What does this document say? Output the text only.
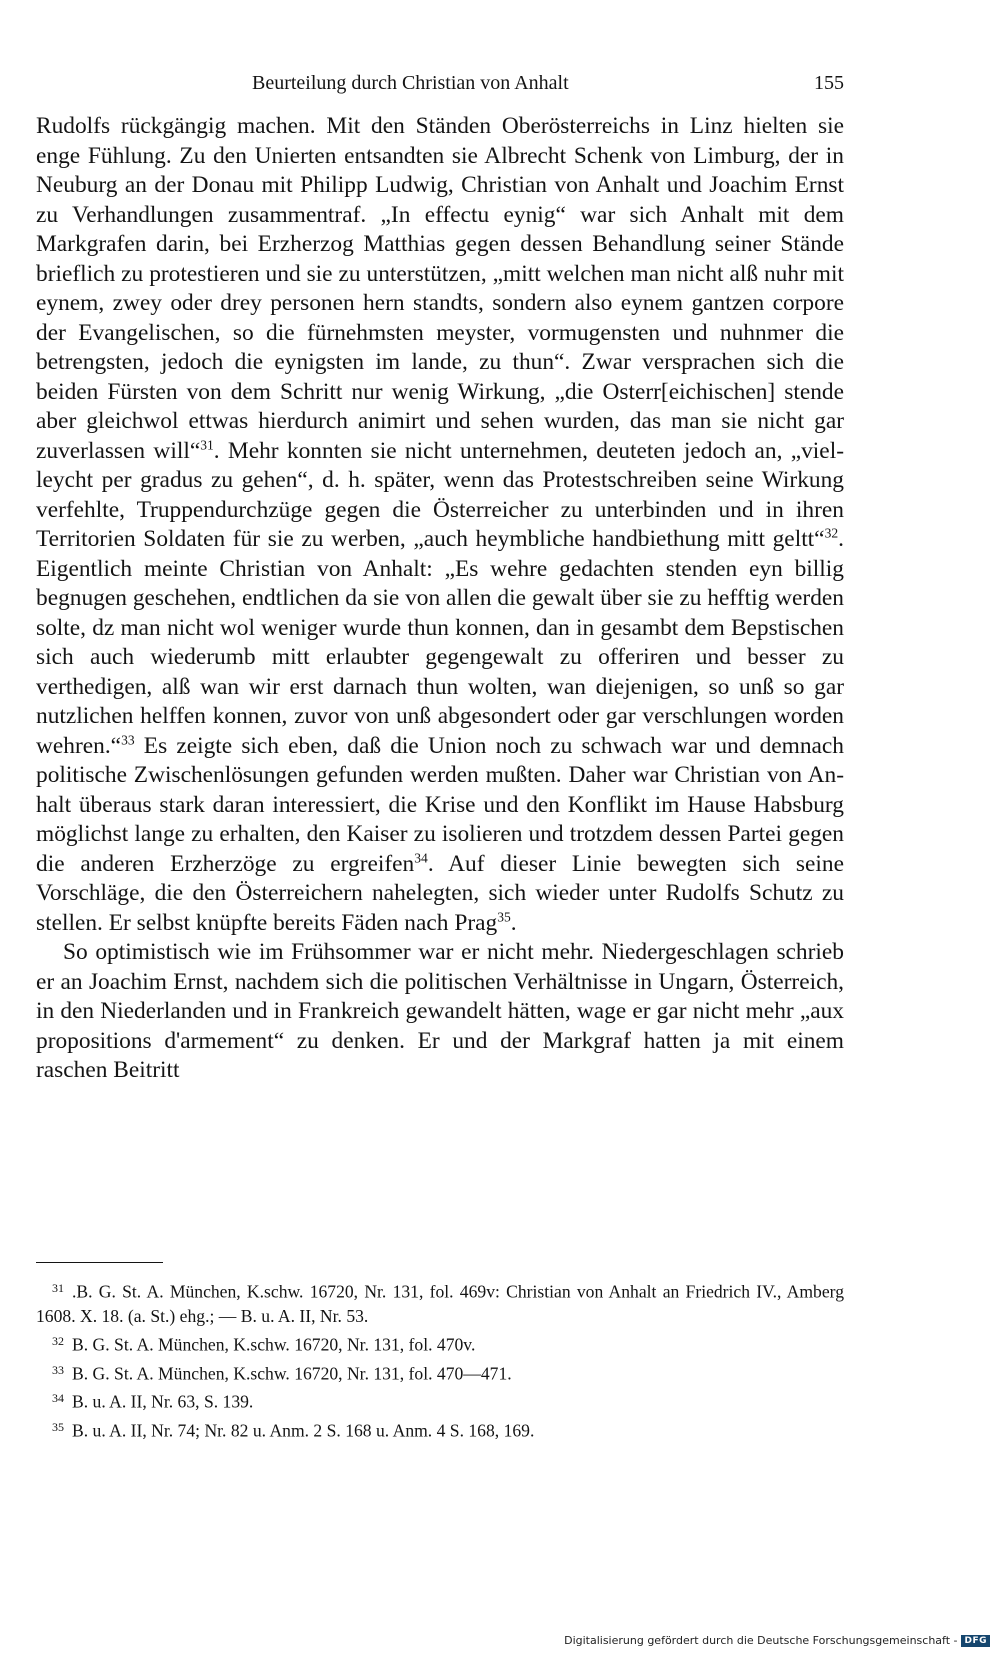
Beurteilung durch Christian von Anhalt	155

Rudolfs rückgängig machen. Mit den Ständen Oberösterreichs in Linz hielten sie enge Fühlung. Zu den Unierten entsandten sie Albrecht Schenk von Limburg, der in Neuburg an der Donau mit Philipp Ludwig, Christian von Anhalt und Joachim Ernst zu Verhandlungen zusammentraf. „In effectu eynig“ war sich Anhalt mit dem Markgrafen darin, bei Erzherzog Matthias gegen dessen Behandlung seiner Stände brieflich zu protestieren und sie zu unterstützen, „mitt welchen man nicht alß nuhr mit eynem, zwey oder drey personen hern standts, sondern also eynem gantzen corpore der Evangelischen, so die fürnehmsten meyster, vormugensten und nuhnmer die betrengsten, jedoch die eynigsten im lande, zu thun“. Zwar versprachen sich die beiden Fürsten von dem Schritt nur wenig Wirkung, „die Osterr[eichischen] stende aber gleichwol ettwas hierdurch animirt und sehen wurden, das man sie nicht gar zuverlassen will“$^{31}$. Mehr konnten sie nicht unternehmen, deuteten jedoch an, „vielleycht per gradus zu gehen“, d. h. später, wenn das Protestschreiben seine Wirkung verfehlte, Truppendurchzüge gegen die Österreicher zu unterbinden und in ihren Territorien Soldaten für sie zu werben, „auch heymbliche handbiethung mitt geltt“$^{32}$. Eigentlich meinte Christian von Anhalt: „Es wehre gedachten stenden eyn billig begnugen geschehen, endtlichen da sie von allen die gewalt über sie zu hefftig werden solte, dz man nicht wol weniger wurde thun konnen, dan in gesambt dem Bepstischen sich auch wiederumb mitt erlaubter gegengewalt zu offeriren und besser zu verthedigen, alß wan wir erst darnach thun wolten, wan diejenigen, so unß so gar nutzlichen helffen konnen, zuvor von unß abgesondert oder gar verschlungen worden wehren.“$^{33}$ Es zeigte sich eben, daß die Union noch zu schwach war und demnach politische Zwischenlösungen gefunden werden mußten. Daher war Christian von Anhalt überaus stark daran interessiert, die Krise und den Konflikt im Hause Habsburg möglichst lange zu erhalten, den Kaiser zu isolieren und trotzdem dessen Partei gegen die anderen Erzherzöge zu ergreifen$^{34}$. Auf dieser Linie bewegten sich seine Vorschläge, die den Österreichern nahelegten, sich wieder unter Rudolfs Schutz zu stellen. Er selbst knüpfte bereits Fäden nach Prag$^{35}$.

So optimistisch wie im Frühsommer war er nicht mehr. Niedergeschlagen schrieb er an Joachim Ernst, nachdem sich die politischen Verhältnisse in Ungarn, Österreich, in den Niederlanden und in Frankreich gewandelt hätten, wage er gar nicht mehr „aux propositions d'armement“ zu denken. Er und der Markgraf hatten ja mit einem raschen Beitritt

31 .B. G. St. A. München, K.schw. 16720, Nr. 131, fol. 469v: Christian von Anhalt an Friedrich IV., Amberg 1608. X. 18. (a. St.) ehg.; — B. u. A. II, Nr. 53.

32 B. G. St. A. München, K.schw. 16720, Nr. 131, fol. 470v.

33 B. G. St. A. München, K.schw. 16720, Nr. 131, fol. 470—471.

34 B. u. A. II, Nr. 63, S. 139.

35 B. u. A. II, Nr. 74; Nr. 82 u. Anm. 2 S. 168 u. Anm. 4 S. 168, 169.

Digitalisierung gefördert durch die Deutsche Forschungsgemeinschaft - DFG
